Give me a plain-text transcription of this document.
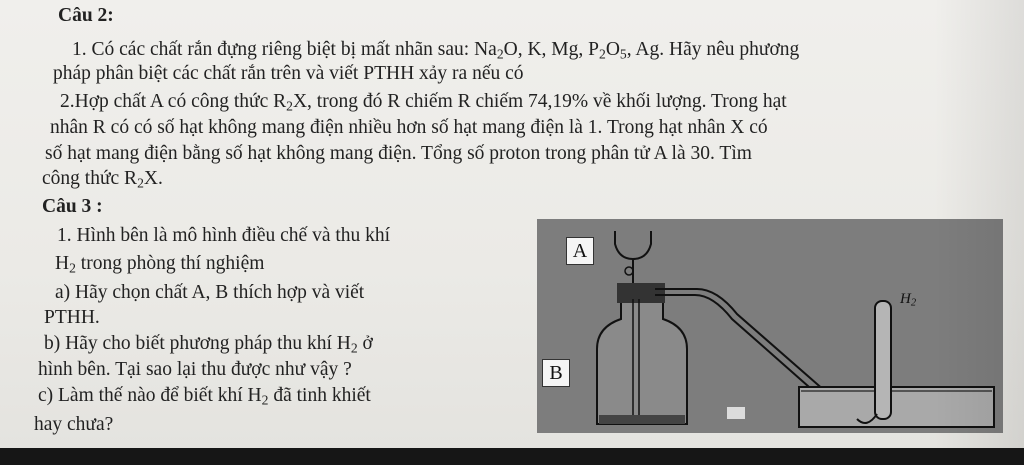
Câu 2:
1. Có các chất rắn đựng riêng biệt bị mất nhãn sau: $Na_2O$, K, Mg, $P_2O_5$, Ag. Hãy nêu phương
pháp phân biệt các chất rắn trên và viết PTHH xảy ra nếu có
2.Hợp chất A có công thức $R_2X$, trong đó R chiếm R chiếm 74,19% về khối lượng. Trong hạt
nhân R có có số hạt không mang điện nhiều hơn số hạt mang điện là 1. Trong hạt nhân X có
số hạt mang điện bằng số hạt không mang điện. Tổng số proton trong phân tử A là 30. Tìm
công thức $R_2X$.
Câu 3 :
1. Hình bên là mô hình điều chế và thu khí
$H_2$ trong phòng thí nghiệm
a) Hãy chọn chất A, B thích hợp và viết
PTHH.
b) Hãy cho biết phương pháp thu khí $H_2$ ở
hình bên. Tại sao lại thu được như vậy ?
c) Làm thế nào để biết khí $H_2$ đã tinh khiết
hay chưa?
A
B
$H_2$
